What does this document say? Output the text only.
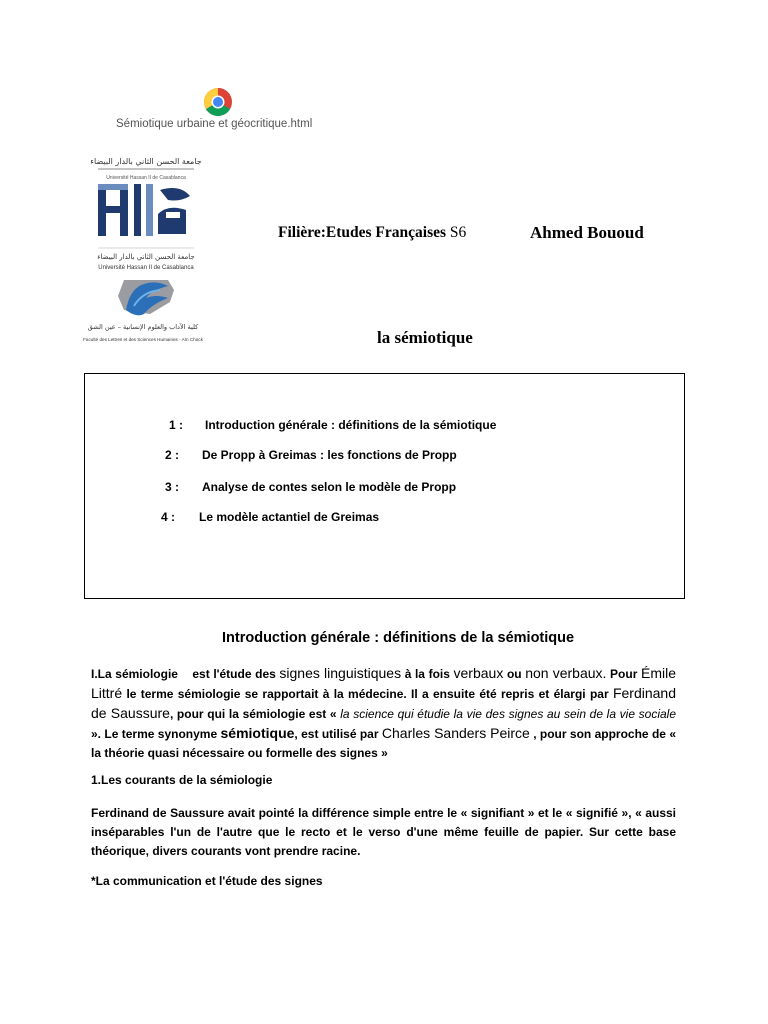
Sémiotique urbaine et géocritique.html
جامعة الحسن الثاني بالدار البيضاء
Université Hassan II de Casablanca
جامعة الحسن الثاني بالدار البيضاء
Université Hassan II de Casablanca
كلية الآداب والعلوم الإنسانية – عين الشق
Faculté des Lettres et des Sciences Humaines - Aïn Chock
Filière:Etudes Françaises S6	Ahmed Bououd
la sémiotique
1 : Introduction générale : définitions de la sémiotique
2 : De Propp à Greimas : les fonctions de Propp
3 : Analyse de contes selon le modèle de Propp
4 : Le modèle actantiel de Greimas
Introduction générale : définitions de la sémiotique
I.La sémiologie est l'étude des signes linguistiques à la fois verbaux ou non verbaux. Pour Émile Littré le terme sémiologie se rapportait à la médecine. Il a ensuite été repris et élargi par Ferdinand de Saussure, pour qui la sémiologie est « la science qui étudie la vie des signes au sein de la vie sociale ». Le terme synonyme sémiotique, est utilisé par Charles Sanders Peirce , pour son approche de « la théorie quasi nécessaire ou formelle des signes »
1.Les courants de la sémiologie
Ferdinand de Saussure avait pointé la différence simple entre le « signifiant » et le « signifié », « aussi inséparables l'un de l'autre que le recto et le verso d'une même feuille de papier. Sur cette base théorique, divers courants vont prendre racine.
*La communication et l'étude des signes
